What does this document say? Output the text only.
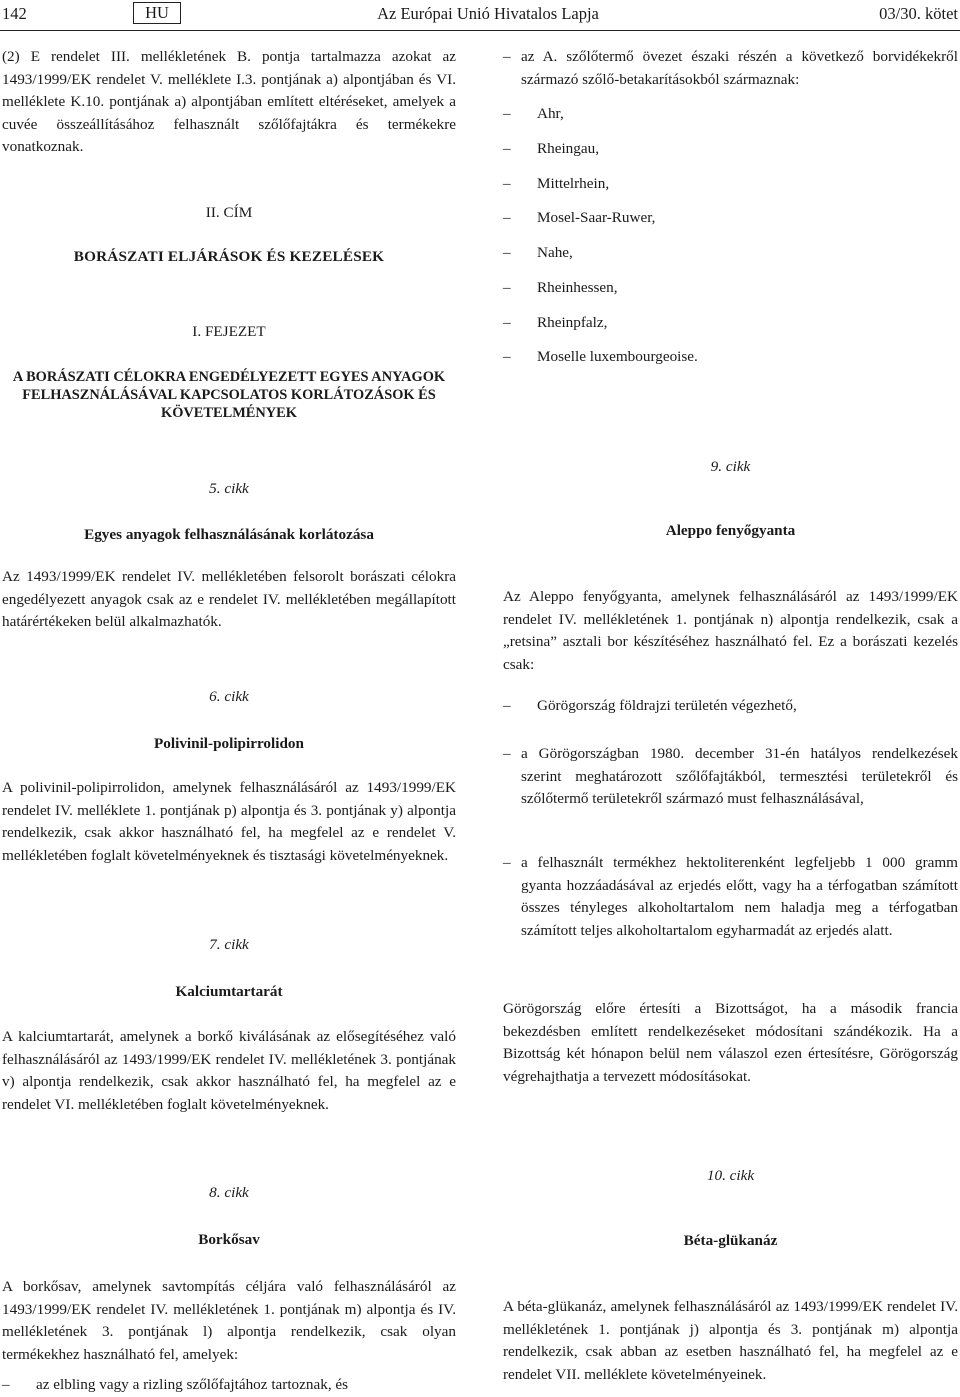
142	HU	Az Európai Unió Hivatalos Lapja	03/30. kötet

(2) E rendelet III. mellékletének B. pontja tartalmazza azokat az 1493/1999/EK rendelet V. melléklete I.3. pontjának a) alpontjában és VI. melléklete K.10. pontjának a) alpontjában említett eltéréseket, amelyek a cuvée összeállításához felhasznált szőlőfajtákra és termékekre vonatkoznak.

II. CÍM

BORÁSZATI ELJÁRÁSOK ÉS KEZELÉSEK

I. FEJEZET

A BORÁSZATI CÉLOKRA ENGEDÉLYEZETT EGYES ANYAGOK FELHASZNÁLÁSÁVAL KAPCSOLATOS KORLÁTOZÁSOK ÉS KÖVETELMÉNYEK

5. cikk

Egyes anyagok felhasználásának korlátozása

Az 1493/1999/EK rendelet IV. mellékletében felsorolt borászati célokra engedélyezett anyagok csak az e rendelet IV. mellékletében megállapított határértékeken belül alkalmazhatók.

6. cikk

Polivinil-polipirrolidon

A polivinil-polipirrolidon, amelynek felhasználásáról az 1493/1999/EK rendelet IV. melléklete 1. pontjának p) alpontja és 3. pontjának y) alpontja rendelkezik, csak akkor használható fel, ha megfelel az e rendelet V. mellékletében foglalt követelményeknek és tisztasági követelményeknek.

7. cikk

Kalciumtartarát

A kalciumtartarát, amelynek a borkő kiválásának az elősegítéséhez való felhasználásáról az 1493/1999/EK rendelet IV. mellékletének 3. pontjának v) alpontja rendelkezik, csak akkor használható fel, ha megfelel az e rendelet VI. mellékletében foglalt követelményeknek.

8. cikk

Borkősav

A borkősav, amelynek savtompítás céljára való felhasználásáról az 1493/1999/EK rendelet IV. mellékletének 1. pontjának m) alpontja és IV. mellékletének 3. pontjának l) alpontja rendelkezik, csak olyan termékekhez használható fel, amelyek:

– az elbling vagy a rizling szőlőfajtához tartoznak, és

– az A. szőlőtermő övezet északi részén a következő borvidékekről származó szőlő-betakarításokból származnak:

– Ahr,

– Rheingau,

– Mittelrhein,

– Mosel-Saar-Ruwer,

– Nahe,

– Rheinhessen,

– Rheinpfalz,

– Moselle luxembourgeoise.

9. cikk

Aleppo fenyőgyanta

Az Aleppo fenyőgyanta, amelynek felhasználásáról az 1493/1999/EK rendelet IV. mellékletének 1. pontjának n) alpontja rendelkezik, csak a „retsina” asztali bor készítéséhez használható fel. Ez a borászati kezelés csak:

– Görögország földrajzi területén végezhető,

– a Görögországban 1980. december 31-én hatályos rendelkezések szerint meghatározott szőlőfajtákból, termesztési területekről és szőlőtermő területekről származó must felhasználásával,

– a felhasznált termékhez hektoliterenként legfeljebb 1 000 gramm gyanta hozzáadásával az erjedés előtt, vagy ha a térfogatban számított összes tényleges alkoholtartalom nem haladja meg a térfogatban számított teljes alkoholtartalom egyharmadát az erjedés alatt.

Görögország előre értesíti a Bizottságot, ha a második francia bekezdésben említett rendelkezéseket módosítani szándékozik. Ha a Bizottság két hónapon belül nem válaszol ezen értesítésre, Görögország végrehajthatja a tervezett módosításokat.

10. cikk

Béta-glükanáz

A béta-glükanáz, amelynek felhasználásáról az 1493/1999/EK rendelet IV. mellékletének 1. pontjának j) alpontja és 3. pontjának m) alpontja rendelkezik, csak abban az esetben használható fel, ha megfelel az e rendelet VII. melléklete követelményeinek.
